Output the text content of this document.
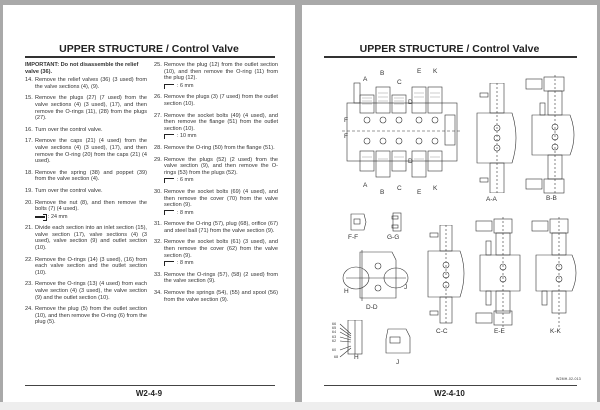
UPPER STRUCTURE / Control Valve
IMPORTANT: Do not disassemble the relief valve (36).
14. Remove the relief valves (36) (3 used) from the valve sections (4), (9).
15. Remove the plugs (27) (7 used) from the valve sections (4) (3 used), (17), and then remove the O-rings (11), (28) from the plugs (27).
16. Turn over the control valve.
17. Remove the caps (21) (4 used) from the valve sections (4) (3 used), (17), and then remove the O-ring (20) from the caps (21) (4 used).
18. Remove the spring (38) and poppet (39) from the valve section (4).
19. Turn over the control valve.
20. Remove the nut (8), and then remove the bolts (7) (4 used).
: 24 mm
21. Divide each section into an inlet section (15), valve section (17), valve sections (4) (3 used), valve section (9) and outlet section (10).
22. Remove the O-rings (14) (3 used), (16) from each valve section and the outlet section (10).
23. Remove the O-rings (13) (4 used) from each valve section (4) (3 used), the valve section (9) and the outlet section (10).
24. Remove the plug (5) from the outlet section (10), and then remove the O-ring (6) from the plug (5).
25. Remove the plug (12) from the outlet section (10), and then remove the O-ring (11) from the plug (12).
: 6 mm
26. Remove the plugs (3) (7 used) from the outlet section (10).
27. Remove the socket bolts (49) (4 used), and then remove the flange (51) from the outlet section (10).
: 10 mm
28. Remove the O-ring (50) from the flange (51).
29. Remove the plugs (52) (2 used) from the valve section (9), and then remove the O-rings (53) from the plugs (52).
: 6 mm
30. Remove the socket bolts (69) (4 used), and then remove the cover (70) from the valve section (9).
: 8 mm
31. Remove the O-ring (57), plug (68), orifice (67) and steel ball (71) from the valve section (9).
32. Remove the socket bolts (61) (3 used), and then remove the cover (62) from the valve section (9).
: 8 mm
33. Remove the O-rings (57), (58) (2 used) from the valve section (9).
34. Remove the springs (54), (55) and spool (56) from the valve section (9).
W2-4-9
UPPER STRUCTURE / Control Valve
A
B
C
E K
A
B
C
E
K
F
F
D
D
A-A	B-B
F-F	G-G
H
J
D-D
C-C	E-E	K-K
66
65
64
63
62
60
68 H
J
W2MH-02-013
W2-4-10
